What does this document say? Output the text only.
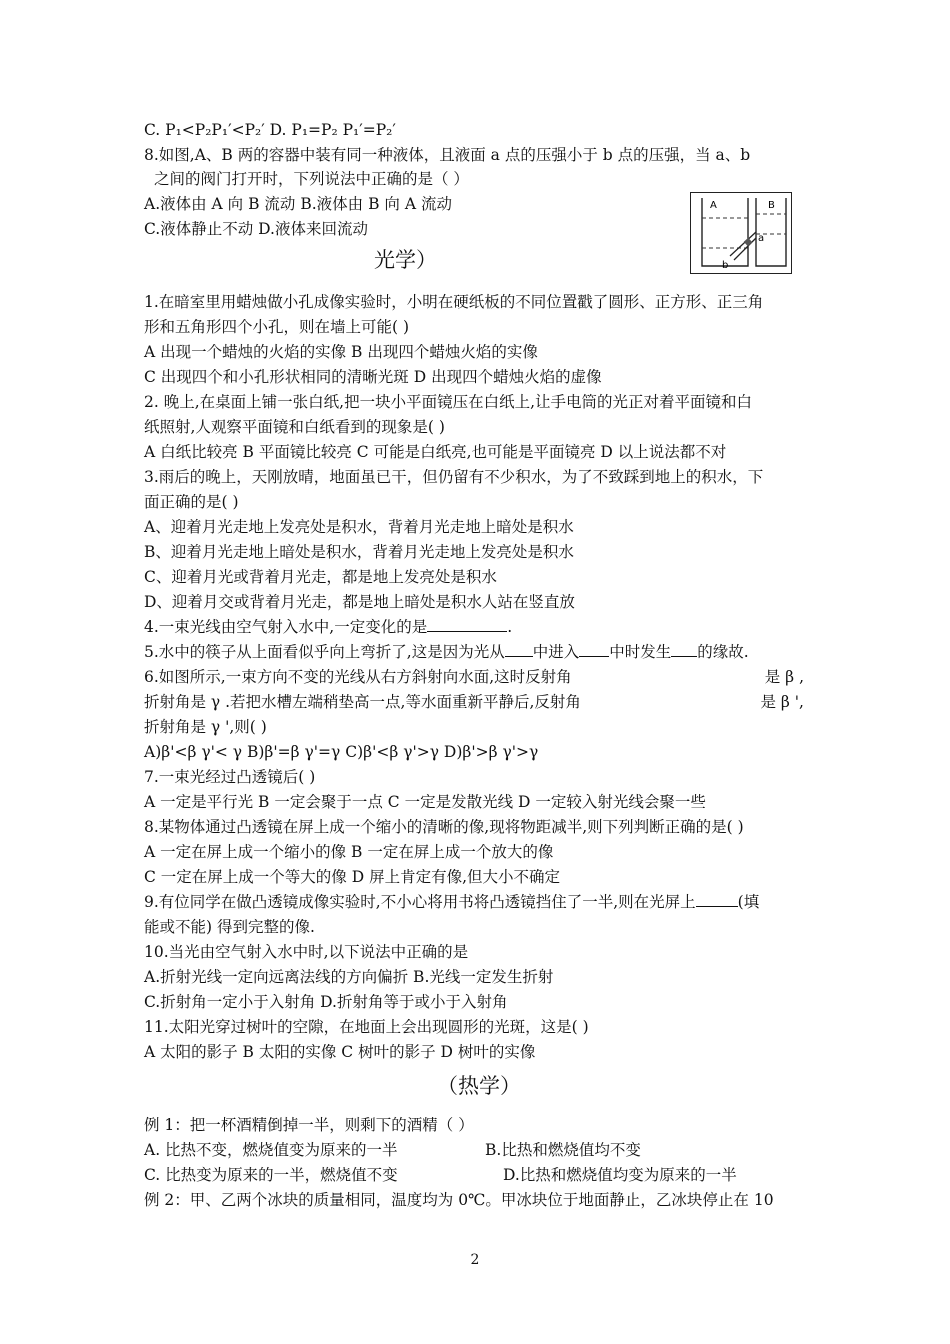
C. P₁<P₂P₁′<P₂′ D. P₁=P₂ P₁′=P₂′
8.如图,A、B 两的容器中装有同一种液体，且液面 a 点的压强小于 b 点的压强，当 a、b
之间的阀门打开时，下列说法中正确的是（ ）
A.液体由 A 向 B 流动 B.液体由 B 向 A 流动
C.液体静止不动 D.液体来回流动
A	B
a
b
光学）
1.在暗室里用蜡烛做小孔成像实验时，小明在硬纸板的不同位置戳了圆形、正方形、正三角
形和五角形四个小孔，则在墙上可能( )
A 出现一个蜡烛的火焰的实像 B 出现四个蜡烛火焰的实像
C 出现四个和小孔形状相同的清晰光斑 D 出现四个蜡烛火焰的虚像
2. 晚上,在桌面上铺一张白纸,把一块小平面镜压在白纸上,让手电筒的光正对着平面镜和白
纸照射,人观察平面镜和白纸看到的现象是( )
A 白纸比较亮 B 平面镜比较亮 C 可能是白纸亮,也可能是平面镜亮 D 以上说法都不对
3.雨后的晚上，天刚放晴，地面虽已干，但仍留有不少积水，为了不致踩到地上的积水，下
面正确的是( )
A、迎着月光走地上发亮处是积水，背着月光走地上暗处是积水
B、迎着月光走地上暗处是积水，背着月光走地上发亮处是积水
C、迎着月光或背着月光走，都是地上发亮处是积水
D、迎着月交或背着月光走，都是地上暗处是积水人站在竖直放
4.一束光线由空气射入水中,一定变化的是	.
5.水中的筷子从上面看似乎向上弯折了,这是因为光从 中进入 中时发生 的缘故.
6.如图所示,一束方向不变的光线从右方斜射向水面,这时反射角	是 β ,
折射角是 γ .若把水槽左端稍垫高一点,等水面重新平静后,反射角	是 β ',
折射角是 γ ',则( )
A)β'<β γ'< γ B)β'=β γ'=γ C)β'<β γ'>γ D)β'>β γ'>γ
7.一束光经过凸透镜后( )
A 一定是平行光 B 一定会聚于一点 C 一定是发散光线 D 一定较入射光线会聚一些
8.某物体通过凸透镜在屏上成一个缩小的清晰的像,现将物距减半,则下列判断正确的是( )
A 一定在屏上成一个缩小的像 B 一定在屏上成一个放大的像
C 一定在屏上成一个等大的像 D 屏上肯定有像,但大小不确定
9.有位同学在做凸透镜成像实验时,不小心将用书将凸透镜挡住了一半,则在光屏上	(填
能或不能) 得到完整的像.
10.当光由空气射入水中时,以下说法中正确的是
A.折射光线一定向远离法线的方向偏折 B.光线一定发生折射
C.折射角一定小于入射角 D.折射角等于或小于入射角
11.太阳光穿过树叶的空隙，在地面上会出现圆形的光斑，这是( )
A 太阳的影子 B 太阳的实像 C 树叶的影子 D 树叶的实像
（热学）
例 1：把一杯酒精倒掉一半，则剩下的酒精（ ）
A. 比热不变，燃烧值变为原来的一半	B.比热和燃烧值均不变
C. 比热变为原来的一半，燃烧值不变	D.比热和燃烧值均变为原来的一半
例 2：甲、乙两个冰块的质量相同，温度均为 0℃。甲冰块位于地面静止，乙冰块停止在 10
2
